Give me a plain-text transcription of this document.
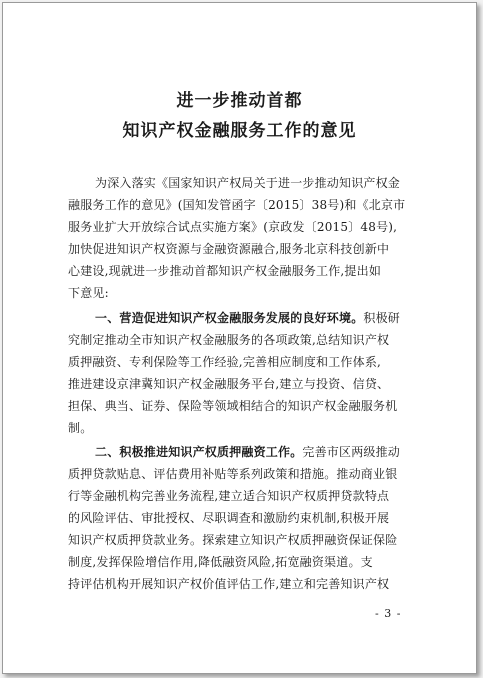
进一步推动首都
知识产权金融服务工作的意见
为深入落实《国家知识产权局关于进一步推动知识产权金
融服务工作的意见》(国知发管函字〔2015〕38号)和《北京市
服务业扩大开放综合试点实施方案》(京政发〔2015〕48号),
加快促进知识产权资源与金融资源融合,服务北京科技创新中
心建设,现就进一步推动首都知识产权金融服务工作,提出如
下意见:
一、营造促进知识产权金融服务发展的良好环境。积极研
究制定推动全市知识产权金融服务的各项政策,总结知识产权
质押融资、专利保险等工作经验,完善相应制度和工作体系,
推进建设京津冀知识产权金融服务平台,建立与投资、信贷、
担保、典当、证券、保险等领域相结合的知识产权金融服务机
制。
二、积极推进知识产权质押融资工作。完善市区两级推动
质押贷款贴息、评估费用补贴等系列政策和措施。推动商业银
行等金融机构完善业务流程,建立适合知识产权质押贷款特点
的风险评估、审批授权、尽职调查和激励约束机制,积极开展
知识产权质押贷款业务。探索建立知识产权质押融资保证保险
制度,发挥保险增信作用,降低融资风险,拓宽融资渠道。支
持评估机构开展知识产权价值评估工作,建立和完善知识产权
- 3 -
